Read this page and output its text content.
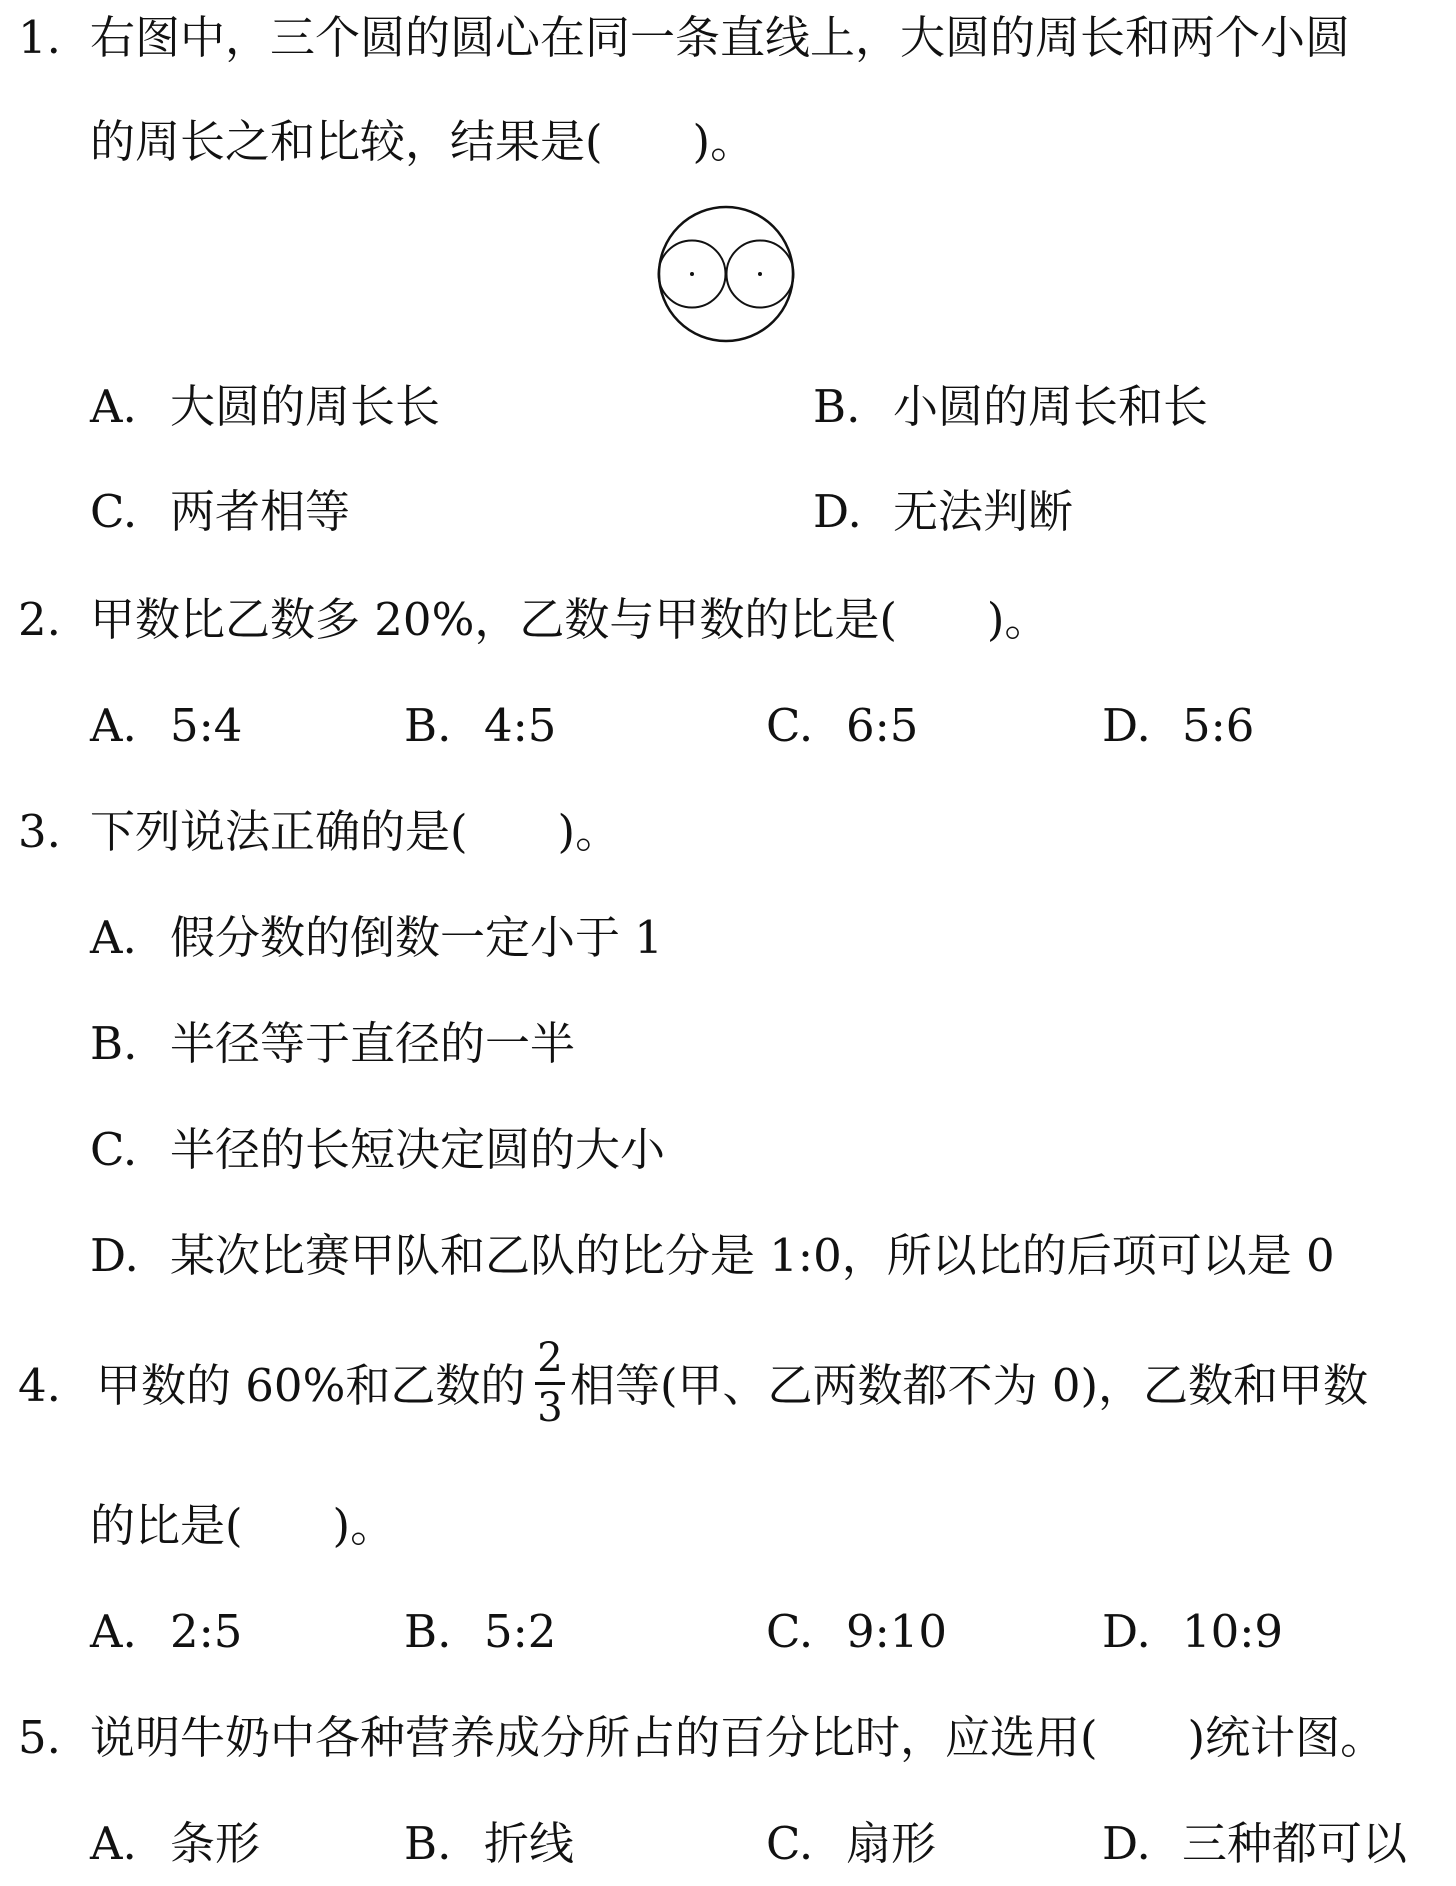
1. 右图中，三个圆的圆心在同一条直线上，大圆的周长和两个小圆
的周长之和比较，结果是(　　)。
A. 大圆的周长长	B. 小圆的周长和长
C. 两者相等	D. 无法判断
2. 甲数比乙数多 20%，乙数与甲数的比是(　　)。
A. 5:4	B. 4:5	C. 6:5	D. 5:6
3. 下列说法正确的是(　　)。
A. 假分数的倒数一定小于 1
B. 半径等于直径的一半
C. 半径的长短决定圆的大小
D. 某次比赛甲队和乙队的比分是 1:0，所以比的后项可以是 0
4. 甲数的 60%和乙数的
2
3 相等(甲、乙两数都不为 0)，乙数和甲数
的比是(　　)。
A. 2:5	B. 5:2	C. 9:10	D. 10:9
5. 说明牛奶中各种营养成分所占的百分比时，应选用(　　)统计图。
A. 条形	B. 折线	C. 扇形	D. 三种都可以
